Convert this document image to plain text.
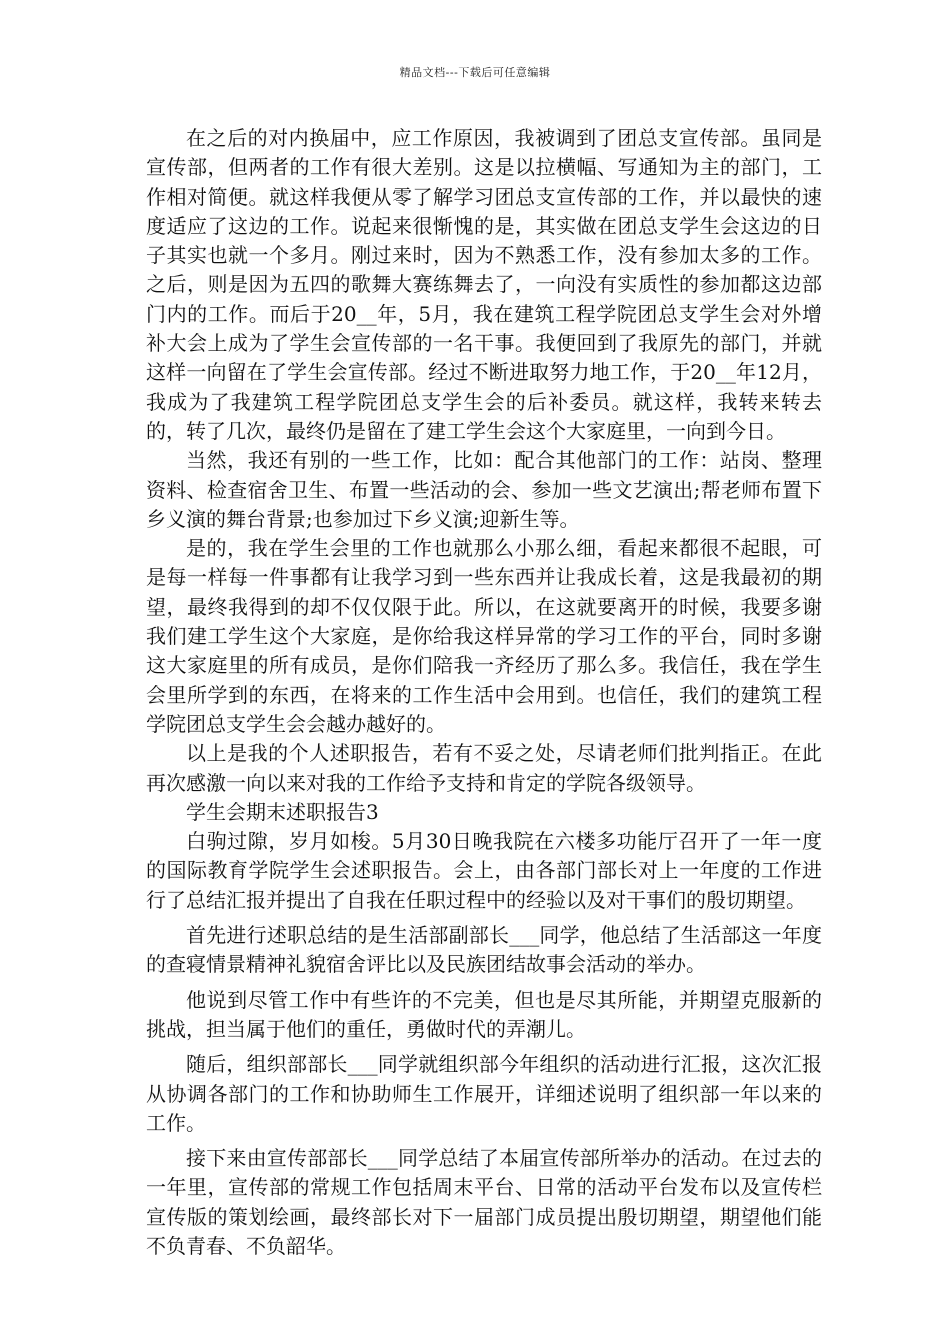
精品文档---下载后可任意编辑

在之后的对内换届中，应工作原因，我被调到了团总支宣传部。虽同是宣传部，但两者的工作有很大差别。这是以拉横幅、写通知为主的部门，工作相对简便。就这样我便从零了解学习团总支宣传部的工作，并以最快的速度适应了这边的工作。说起来很惭愧的是，其实做在团总支学生会这边的日子其实也就一个多月。刚过来时，因为不熟悉工作，没有参加太多的工作。之后，则是因为五四的歌舞大赛练舞去了，一向没有实质性的参加都这边部门内的工作。而后于20__年，5月，我在建筑工程学院团总支学生会对外增补大会上成为了学生会宣传部的一名干事。我便回到了我原先的部门，并就这样一向留在了学生会宣传部。经过不断进取努力地工作，于20__年12月，我成为了我建筑工程学院团总支学生会的后补委员。就这样，我转来转去的，转了几次，最终仍是留在了建工学生会这个大家庭里，一向到今日。

当然，我还有别的一些工作，比如：配合其他部门的工作：站岗、整理资料、检查宿舍卫生、布置一些活动的会、参加一些文艺演出;帮老师布置下乡义演的舞台背景;也参加过下乡义演;迎新生等。

是的，我在学生会里的工作也就那么小那么细，看起来都很不起眼，可是每一样每一件事都有让我学习到一些东西并让我成长着，这是我最初的期望，最终我得到的却不仅仅限于此。所以，在这就要离开的时候，我要多谢我们建工学生这个大家庭，是你给我这样异常的学习工作的平台，同时多谢这大家庭里的所有成员，是你们陪我一齐经历了那么多。我信任，我在学生会里所学到的东西，在将来的工作生活中会用到。也信任，我们的建筑工程学院团总支学生会会越办越好的。

以上是我的个人述职报告，若有不妥之处，尽请老师们批判指正。在此再次感激一向以来对我的工作给予支持和肯定的学院各级领导。

学生会期末述职报告3

白驹过隙，岁月如梭。5月30日晚我院在六楼多功能厅召开了一年一度的国际教育学院学生会述职报告。会上，由各部门部长对上一年度的工作进行了总结汇报并提出了自我在任职过程中的经验以及对干事们的殷切期望。

首先进行述职总结的是生活部副部长___同学，他总结了生活部这一年度的查寝情景精神礼貌宿舍评比以及民族团结故事会活动的举办。

他说到尽管工作中有些许的不完美，但也是尽其所能，并期望克服新的挑战，担当属于他们的重任，勇做时代的弄潮儿。

随后，组织部部长___同学就组织部今年组织的活动进行汇报，这次汇报从协调各部门的工作和协助师生工作展开，详细述说明了组织部一年以来的工作。

接下来由宣传部部长___同学总结了本届宣传部所举办的活动。在过去的一年里，宣传部的常规工作包括周末平台、日常的活动平台发布以及宣传栏宣传版的策划绘画，最终部长对下一届部门成员提出殷切期望，期望他们能不负青春、不负韶华。
